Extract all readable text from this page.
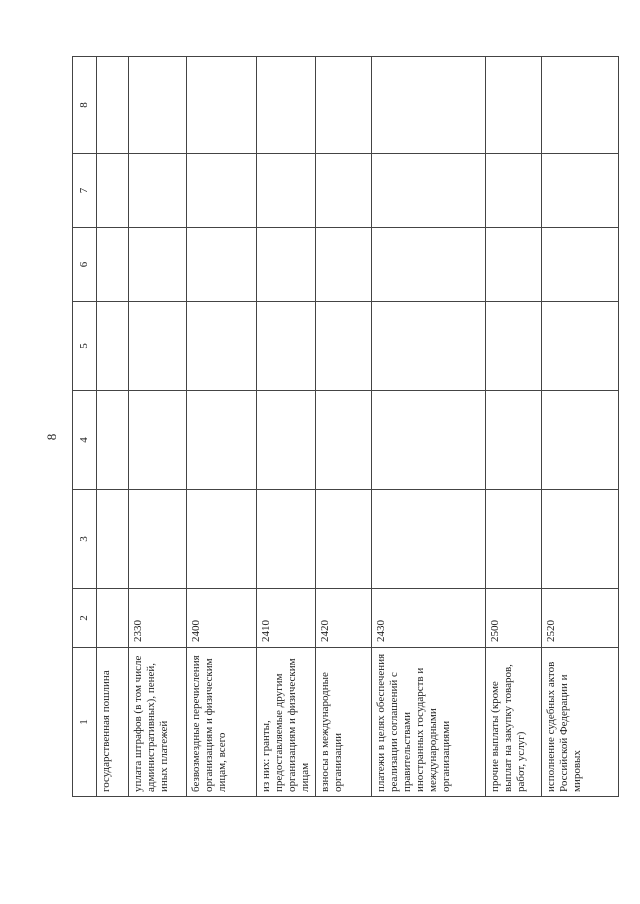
8
1	2	3	4	5	6	7	8
государственная пошлина							
уплата штрафов (в том числе административных), пеней, иных платежей	2330						
безвозмездные перечисления организациям и физическим лицам, всего	2400						
из них: гранты, предоставляемые другим организациям и физическим лицам	2410						
взносы в международные организации	2420						
платежи в целях обеспечения реализации соглашений с правительствами иностранных государств и международными организациями	2430						
прочие выплаты (кроме выплат на закупку товаров, работ, услуг)	2500						
исполнение судебных актов Российской Федерации и мировых	2520						
